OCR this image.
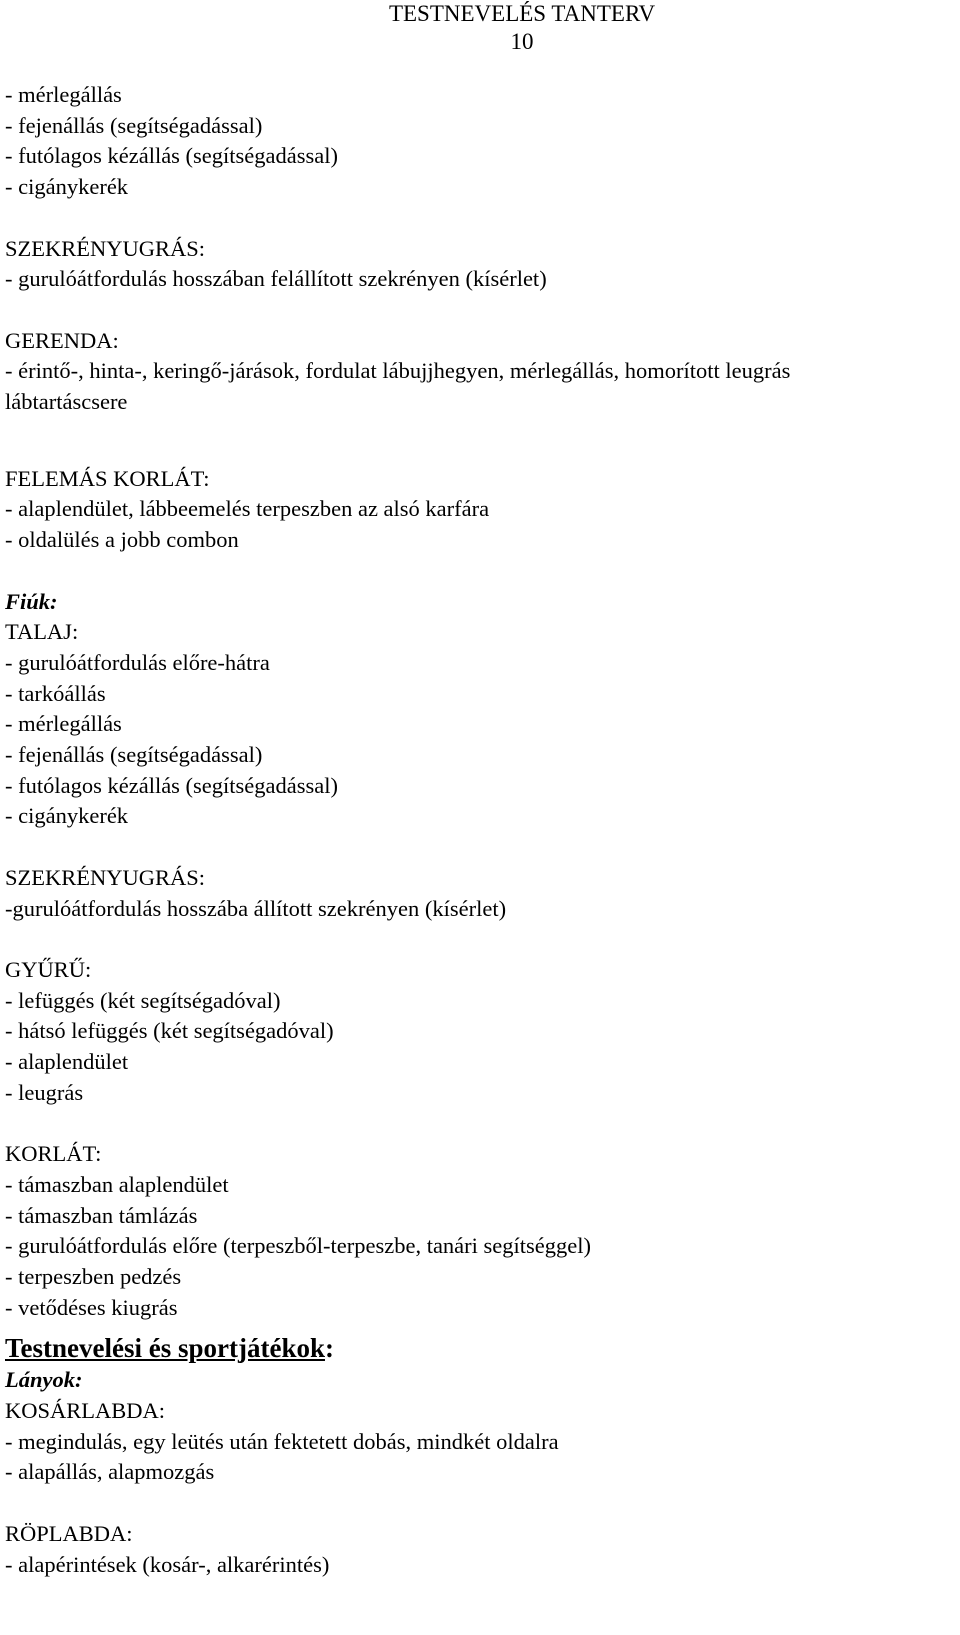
TESTNEVELÉS TANTERV
10
- mérlegállás
- fejenállás (segítségadással)
- futólagos kézállás (segítségadással)
- cigánykerék
SZEKRÉNYUGRÁS:
- gurulóátfordulás hosszában felállított szekrényen (kísérlet)
GERENDA:
- érintő-, hinta-, keringő-járások, fordulat lábujjhegyen, mérlegállás, homorított leugrás
lábtartáscsere
FELEMÁS KORLÁT:
- alaplendület, lábbeemelés terpeszben az alsó karfára
- oldalülés a jobb combon
Fiúk:
TALAJ:
- gurulóátfordulás előre-hátra
- tarkóállás
- mérlegállás
- fejenállás (segítségadással)
- futólagos kézállás (segítségadással)
- cigánykerék
SZEKRÉNYUGRÁS:
-gurulóátfordulás hosszába állított szekrényen (kísérlet)
GYŰRŰ:
- lefüggés (két segítségadóval)
- hátsó lefüggés (két segítségadóval)
- alaplendület
- leugrás
KORLÁT:
- támaszban alaplendület
- támaszban támlázás
- gurulóátfordulás előre (terpeszből-terpeszbe, tanári segítséggel)
- terpeszben pedzés
- vetődéses kiugrás
Testnevelési és sportjátékok:
Lányok:
KOSÁRLABDA:
- megindulás, egy leütés után fektetett dobás, mindkét oldalra
- alapállás, alapmozgás
RÖPLABDA:
- alapérintések (kosár-, alkarérintés)
